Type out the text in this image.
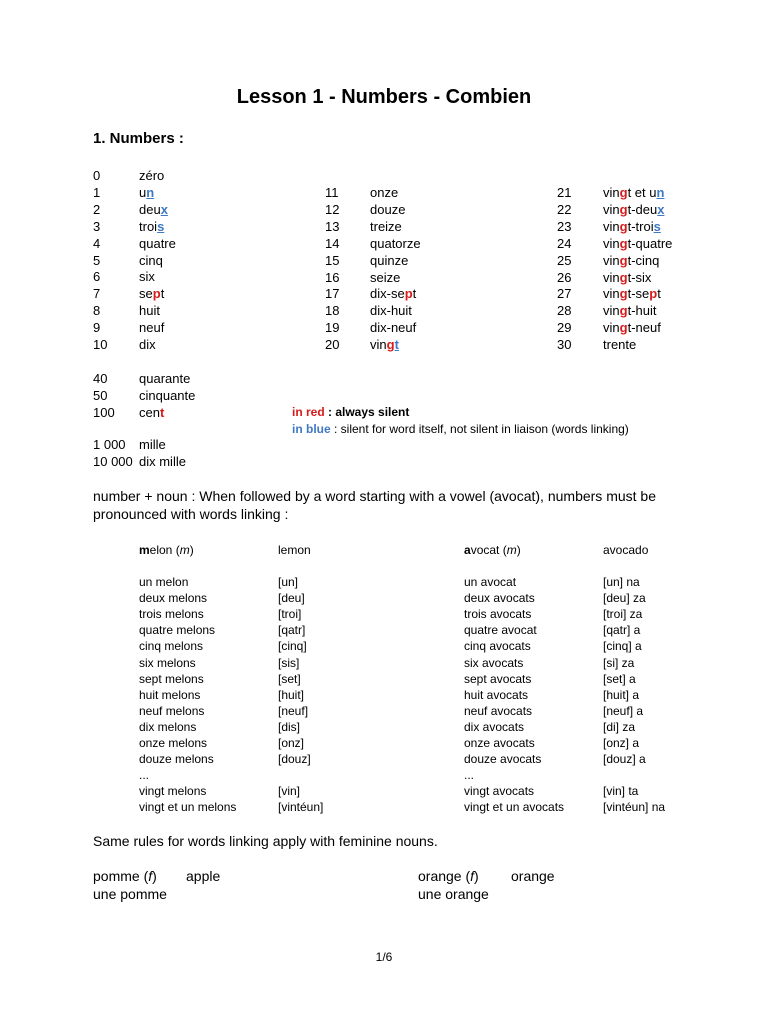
Lesson 1 - Numbers - Combien
1. Numbers :
0	zéro
1	un
2	deux
3	trois
4	quatre
5	cinq
6	six
7	sept
8	huit
9	neuf
10 dix
11 onze
12 douze
13 treize
14 quatorze
15 quinze
16 seize
17 dix-sept
18 dix-huit
19 dix-neuf
20 vingt
21 vingt et un
22 vingt-deux
23 vingt-trois
24 vingt-quatre
25 vingt-cinq
26 vingt-six
27 vingt-sept
28 vingt-huit
29 vingt-neuf
30 trente
40 quarante
50 cinquante
100 cent
1 000 mille
10 000 dix mille
in red : always silent
in blue : silent for word itself, not silent in liaison (words linking)
number + noun : When followed by a word starting with a vowel (avocat), numbers must be pronounced with words linking :
melon (m)	lemon	avocat (m)	avocado
un melon	[un]	un avocat	[un] na
deux melons	[deu]	deux avocats	[deu] za
trois melons	[troi]	trois avocats	[troi] za
quatre melons	[qatr]	quatre avocat	[qatr] a
cinq melons	[cinq]	cinq avocats	[cinq] a
six melons	[sis]	six avocats	[si] za
sept melons	[set]	sept avocats	[set] a
huit melons	[huit]	huit avocats	[huit] a
neuf melons	[neuf]	neuf avocats	[neuf] a
dix melons	[dis]	dix avocats	[di] za
onze melons	[onz]	onze avocats	[onz] a
douze melons	[douz]	douze avocats	[douz] a
...	...
vingt melons	[vin]	vingt avocats	[vin] ta
vingt et un melons	[vintéun]	vingt et un avocats	[vintéun] na
Same rules for words linking apply with feminine nouns.
pomme (f) apple
une pomme
orange (f) orange
une orange
1/6
